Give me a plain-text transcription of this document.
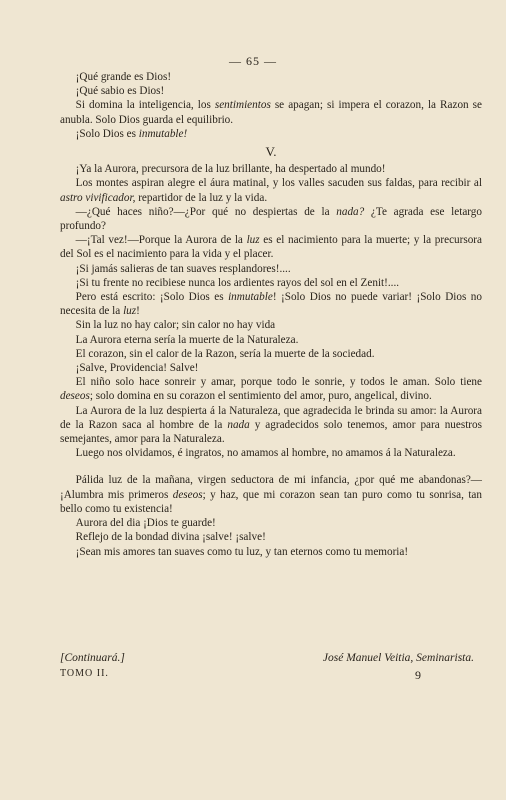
— 65 —

¡Qué grande es Dios!

¡Qué sabio es Dios!

Si domina la inteligencia, los sentimientos se apagan; si impera el corazon, la Razon se anubla. Solo Dios guarda el equilibrio.

¡Solo Dios es inmutable!

V.

¡Ya la Aurora, precursora de la luz brillante, ha despertado al mundo!

Los montes aspiran alegre el áura matinal, y los valles sacuden sus faldas, para recibir al astro vivificador, repartidor de la luz y la vida.

—¿Qué haces niño?—¿Por qué no despiertas de la nada? ¿Te agrada ese letargo profundo?

—¡Tal vez!—Porque la Aurora de la luz es el nacimiento para la muerte; y la precursora del Sol es el nacimiento para la vida y el placer.

¡Si jamás salieras de tan suaves resplandores!....

¡Si tu frente no recibiese nunca los ardientes rayos del sol en el Zenit!....

Pero está escrito: ¡Solo Dios es inmutable! ¡Solo Dios no puede variar! ¡Solo Dios no necesita de la luz!

Sin la luz no hay calor; sin calor no hay vida

La Aurora eterna sería la muerte de la Naturaleza.

El corazon, sin el calor de la Razon, sería la muerte de la sociedad.

¡Salve, Providencia! Salve!

El niño solo hace sonreir y amar, porque todo le sonrie, y todos le aman. Solo tiene deseos; solo domina en su corazon el sentimiento del amor, puro, angelical, divino.

La Aurora de la luz despierta á la Naturaleza, que agradecida le brinda su amor: la Aurora de la Razon saca al hombre de la nada y agradecidos solo tenemos, amor para nuestros semejantes, amor para la Naturaleza.

Luego nos olvidamos, é ingratos, no amamos al hombre, no amamos á la Naturaleza.

Pálida luz de la mañana, virgen seductora de mi infancia, ¿por qué me abandonas?—¡Alumbra mis primeros deseos; y haz, que mi corazon sean tan puro como tu sonrisa, tan bello como tu existencia!

Aurora del dia ¡Dios te guarde!

Reflejo de la bondad divina ¡salve! ¡salve!

¡Sean mis amores tan suaves como tu luz, y tan eternos como tu memoria!

[Continuará.]	José Manuel Veitia, Seminarista.
TOMO II.	9
